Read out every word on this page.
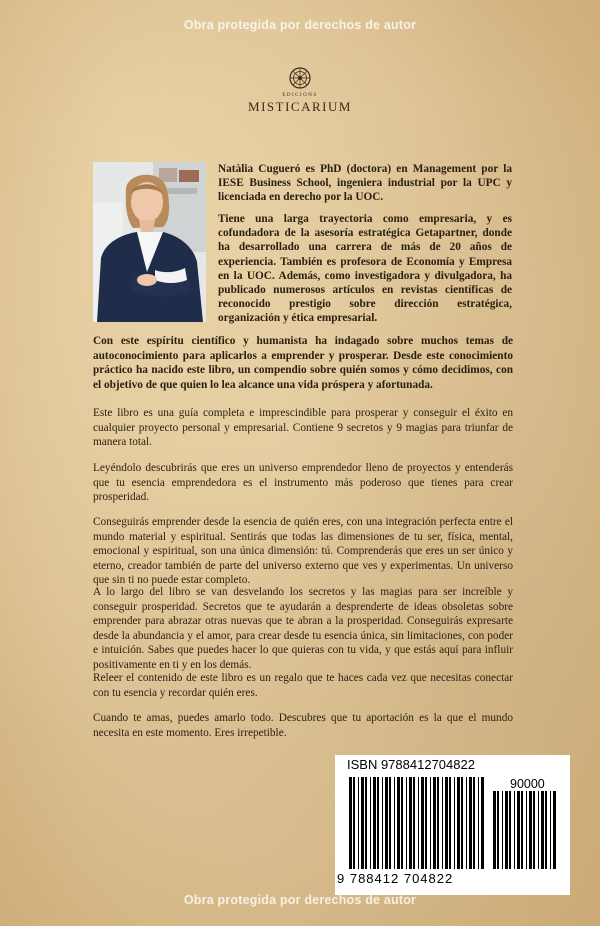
Obra protegida por derechos de autor
EDICIONS
MISTICARIUM

Natàlia Cugueró es PhD (doctora) en Management por la IESE Business School, ingeniera industrial por la UPC y licenciada en derecho por la UOC.

Tiene una larga trayectoria como empresaria, y es cofundadora de la asesoría estratégica Getapartner, donde ha desarrollado una carrera de más de 20 años de experiencia. También es profesora de Economía y Empresa en la UOC. Además, como investigadora y divulgadora, ha publicado numerosos artículos en revistas científicas de reconocido prestigio sobre dirección estratégica, organización y ética empresarial.

Con este espíritu científico y humanista ha indagado sobre muchos temas de autoconocimiento para aplicarlos a emprender y prosperar. Desde este conocimiento práctico ha nacido este libro, un compendio sobre quién somos y cómo decidimos, con el objetivo de que quien lo lea alcance una vida próspera y afortunada.

Este libro es una guía completa e imprescindible para prosperar y conseguir el éxito en cualquier proyecto personal y empresarial. Contiene 9 secretos y 9 magias para triunfar de manera total.

Leyéndolo descubrirás que eres un universo emprendedor lleno de proyectos y entenderás que tu esencia emprendedora es el instrumento más poderoso que tienes para crear prosperidad.

Conseguirás emprender desde la esencia de quién eres, con una integración perfecta entre el mundo material y espiritual. Sentirás que todas las dimensiones de tu ser, física, mental, emocional y espiritual, son una única dimensión: tú. Comprenderás que eres un ser único y eterno, creador también de parte del universo externo que ves y experimentas. Un universo que sin ti no puede estar completo.

A lo largo del libro se van desvelando los secretos y las magias para ser increíble y conseguir prosperidad. Secretos que te ayudarán a desprenderte de ideas obsoletas sobre emprender para abrazar otras nuevas que te abran a la prosperidad. Conseguirás expresarte desde la abundancia y el amor, para crear desde tu esencia única, sin limitaciones, con poder e intuición. Sabes que puedes hacer lo que quieras con tu vida, y que estás aquí para influir positivamente en ti y en los demás.

Releer el contenido de este libro es un regalo que te haces cada vez que necesitas conectar con tu esencia y recordar quién eres.

Cuando te amas, puedes amarlo todo. Descubres que tu aportación es la que el mundo necesita en este momento. Eres irrepetible.

ISBN 9788412704822
90000
9 788412 704822
Obra protegida por derechos de autor
